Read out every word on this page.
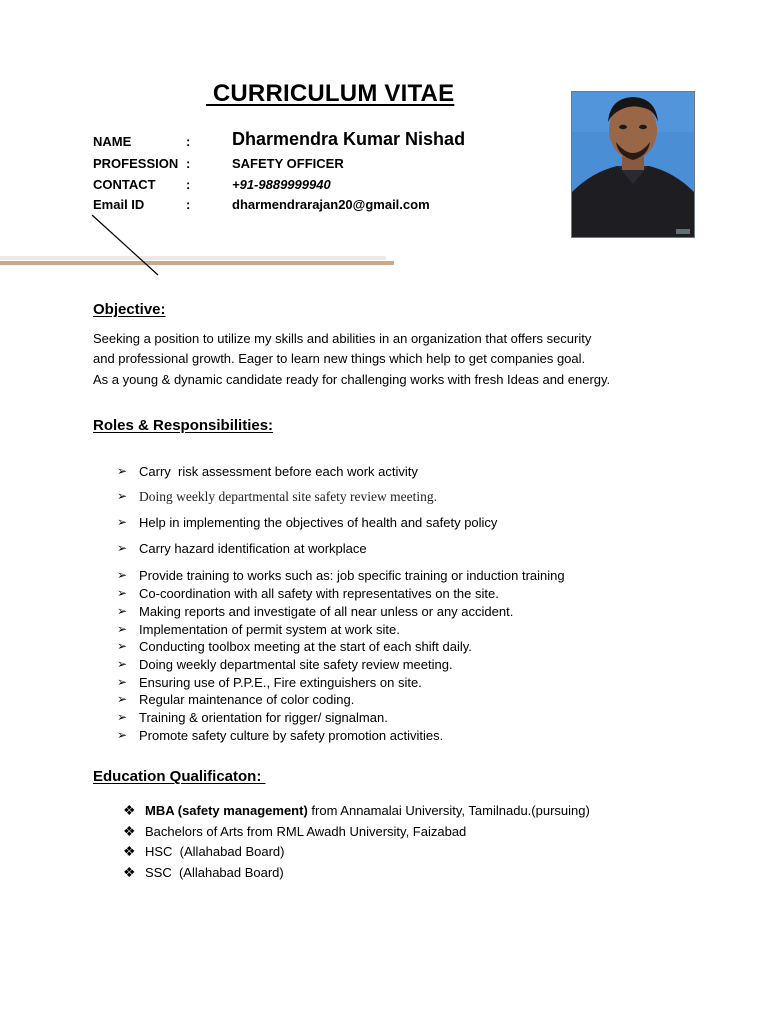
CURRICULUM VITAE
NAME	: Dharmendra Kumar Nishad
PROFESSION :	SAFETY OFFICER
CONTACT :	+91-9889999940
Email ID	:	dharmendrarajan20@gmail.com
Objective:
Seeking a position to utilize my skills and abilities in an organization that offers security
and professional growth. Eager to learn new things which help to get companies goal.
As a young & dynamic candidate ready for challenging works with fresh Ideas and energy.
Roles & Responsibilities:
➢ Carry  risk assessment before each work activity
➢ Doing weekly departmental site safety review meeting.
➢ Help in implementing the objectives of health and safety policy
➢ Carry hazard identification at workplace
➢ Provide training to works such as: job specific training or induction training
➢ Co-coordination with all safety with representatives on the site.
➢ Making reports and investigate of all near unless or any accident.
➢ Implementation of permit system at work site.
➢ Conducting toolbox meeting at the start of each shift daily.
➢ Doing weekly departmental site safety review meeting.
➢ Ensuring use of P.P.E., Fire extinguishers on site.
➢ Regular maintenance of color coding.
➢ Training & orientation for rigger/ signalman.
➢ Promote safety culture by safety promotion activities.
Education Qualificaton:
❖ MBA (safety management) from Annamalai University, Tamilnadu.(pursuing)
❖ Bachelors of Arts from RML Awadh University, Faizabad
❖ HSC  (Allahabad Board)
❖ SSC  (Allahabad Board)
